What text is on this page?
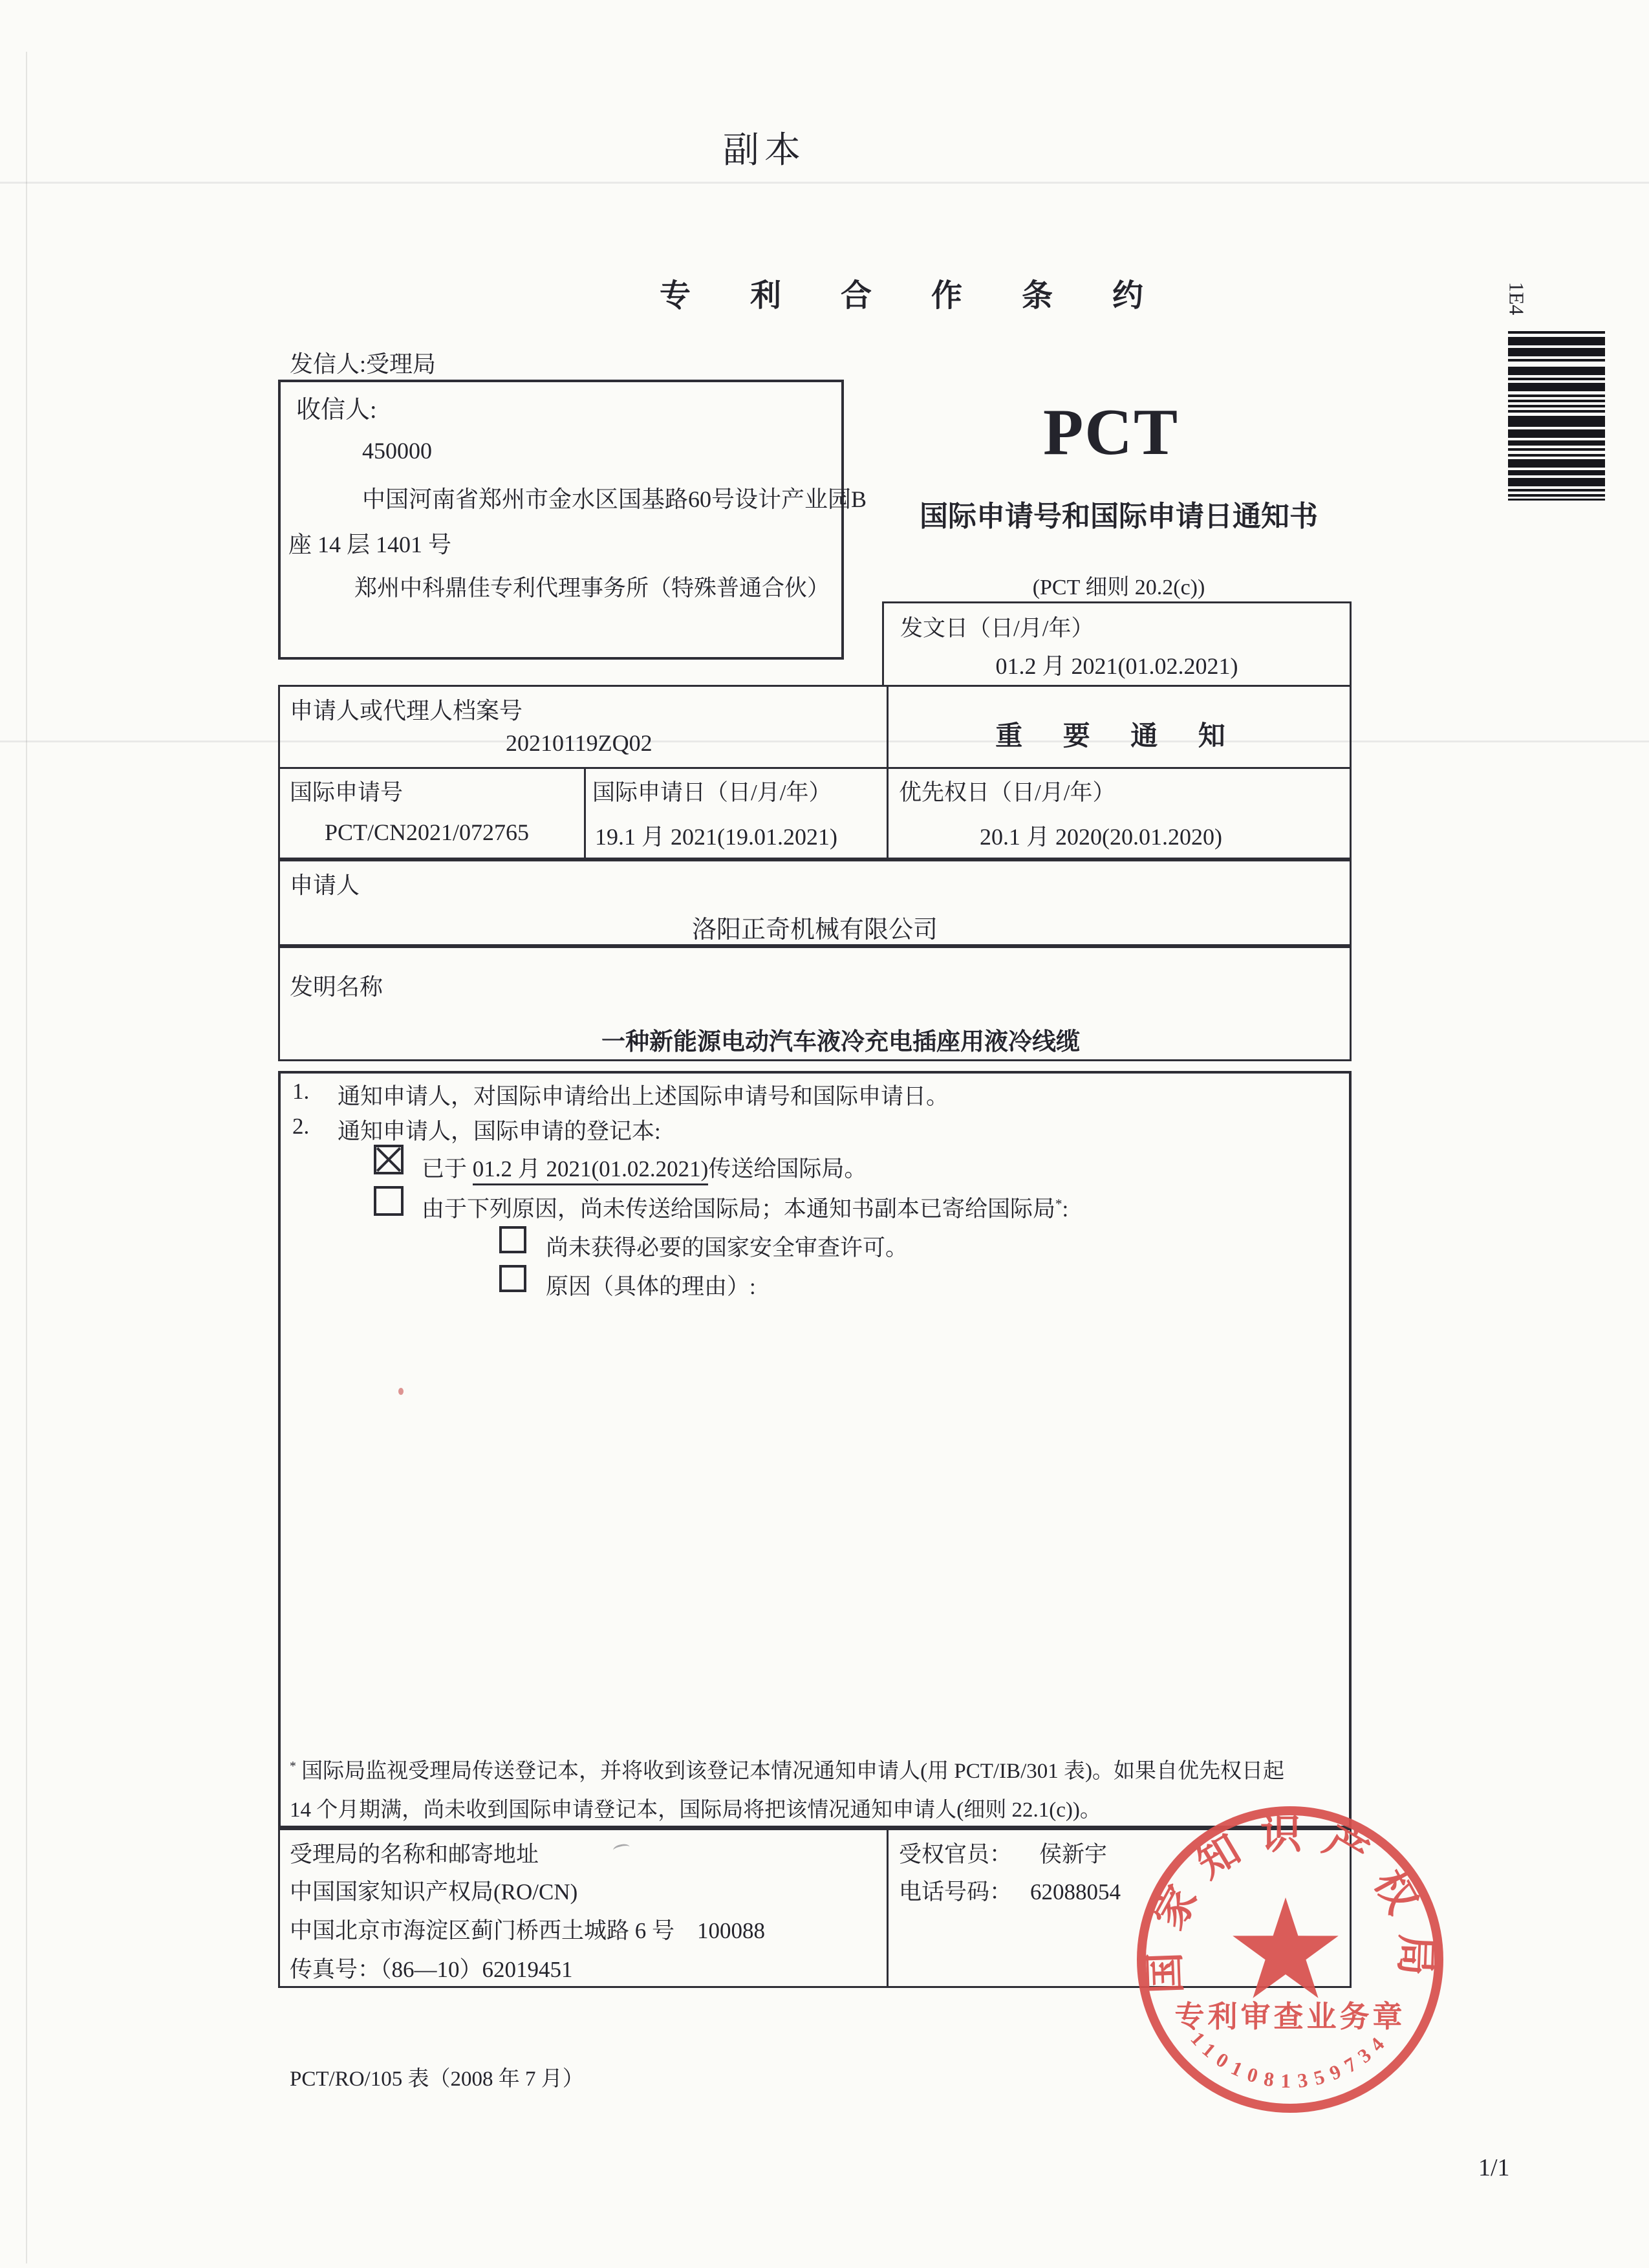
副本
专 利 合 作 条 约
发信人:受理局
1E4
收信人:
450000
中国河南省郑州市金水区国基路60号设计产业园B
座 14 层 1401 号
郑州中科鼎佳专利代理事务所（特殊普通合伙）
PCT
国际申请号和国际申请日通知书
(PCT 细则 20.2(c))
发文日（日/月/年）
01.2 月 2021(01.02.2021)
申请人或代理人档案号
20210119ZQ02	重 要 通 知
国际申请号	国际申请日（日/月/年）	优先权日（日/月/年）
PCT/CN2021/072765	19.1 月 2021(19.01.2021)	20.1 月 2020(20.01.2020)
申请人
洛阳正奇机械有限公司
发明名称
一种新能源电动汽车液冷充电插座用液冷线缆
1. 通知申请人，对国际申请给出上述国际申请号和国际申请日。
2. 通知申请人，国际申请的登记本:
已于 01.2 月 2021(01.02.2021)传送给国际局。
由于下列原因，尚未传送给国际局；本通知书副本已寄给国际局*:
尚未获得必要的国家安全审查许可。
原因（具体的理由）:
* 国际局监视受理局传送登记本，并将收到该登记本情况通知申请人(用 PCT/IB/301 表)。如果自优先权日起
14 个月期满，尚未收到国际申请登记本，国际局将把该情况通知申请人(细则 22.1(c))。
受理局的名称和邮寄地址
中国国家知识产权局(RO/CN)
中国北京市海淀区蓟门桥西土城路 6 号　100088
传真号：（86—10）62019451
受权官员： 侯新宇
电话号码： 62088054
国家知识产权局
专利审查业务章
1101081359734
PCT/RO/105 表（2008 年 7 月）
1/1
